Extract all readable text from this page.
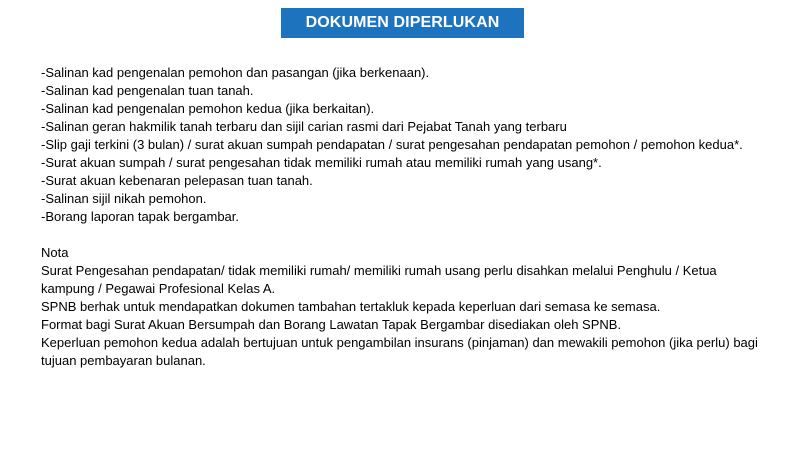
DOKUMEN DIPERLUKAN

-Salinan kad pengenalan pemohon dan pasangan (jika berkenaan).

-Salinan kad pengenalan tuan tanah.

-Salinan kad pengenalan pemohon kedua (jika berkaitan).

-Salinan geran hakmilik tanah terbaru dan sijil carian rasmi dari Pejabat Tanah yang terbaru

-Slip gaji terkini (3 bulan) / surat akuan sumpah pendapatan / surat pengesahan pendapatan pemohon / pemohon kedua*.

-Surat akuan sumpah / surat pengesahan tidak memiliki rumah atau memiliki rumah yang usang*.

-Surat akuan kebenaran pelepasan tuan tanah.

-Salinan sijil nikah pemohon.

-Borang laporan tapak bergambar.

Nota

Surat Pengesahan pendapatan/ tidak memiliki rumah/ memiliki rumah usang perlu disahkan melalui Penghulu / Ketua kampung / Pegawai Profesional Kelas A.

SPNB berhak untuk mendapatkan dokumen tambahan tertakluk kepada keperluan dari semasa ke semasa.

Format bagi Surat Akuan Bersumpah dan Borang Lawatan Tapak Bergambar disediakan oleh SPNB.

Keperluan pemohon kedua adalah bertujuan untuk pengambilan insurans (pinjaman) dan mewakili pemohon (jika perlu) bagi tujuan pembayaran bulanan.
